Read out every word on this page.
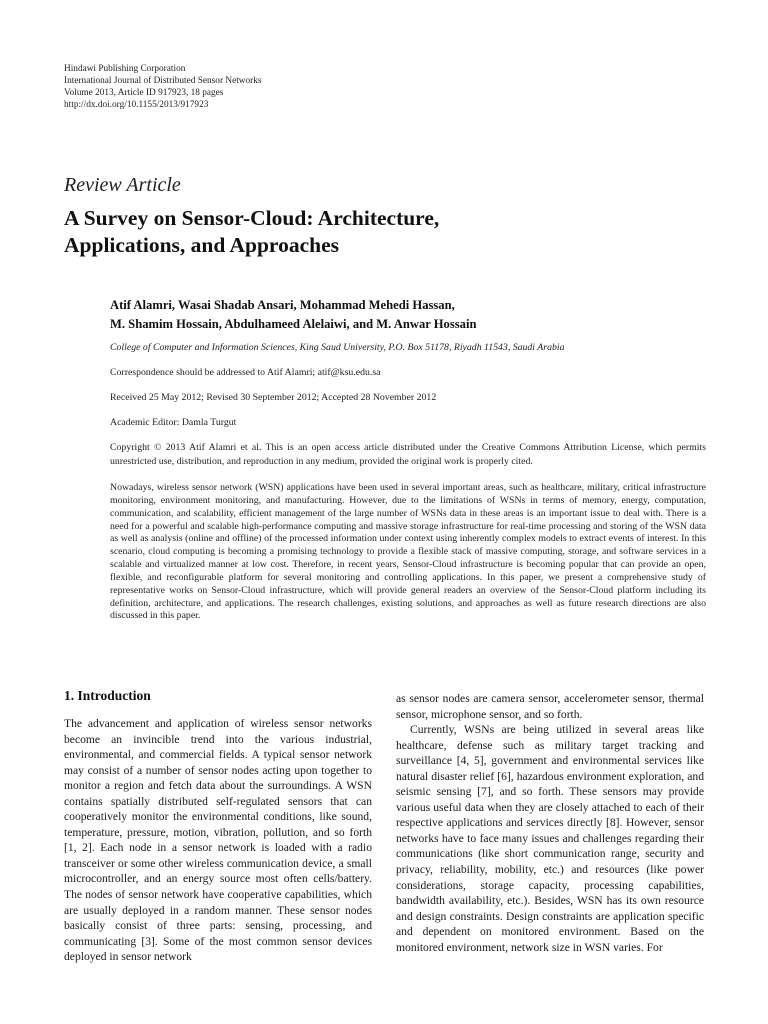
Hindawi Publishing Corporation
International Journal of Distributed Sensor Networks
Volume 2013, Article ID 917923, 18 pages
http://dx.doi.org/10.1155/2013/917923
Review Article
A Survey on Sensor-Cloud: Architecture,
Applications, and Approaches
Atif Alamri, Wasai Shadab Ansari, Mohammad Mehedi Hassan,
M. Shamim Hossain, Abdulhameed Alelaiwi, and M. Anwar Hossain
College of Computer and Information Sciences, King Saud University, P.O. Box 51178, Riyadh 11543, Saudi Arabia
Correspondence should be addressed to Atif Alamri; atif@ksu.edu.sa
Received 25 May 2012; Revised 30 September 2012; Accepted 28 November 2012
Academic Editor: Damla Turgut
Copyright © 2013 Atif Alamri et al. This is an open access article distributed under the Creative Commons Attribution License, which permits unrestricted use, distribution, and reproduction in any medium, provided the original work is properly cited.
Nowadays, wireless sensor network (WSN) applications have been used in several important areas, such as healthcare, military, critical infrastructure monitoring, environment monitoring, and manufacturing. However, due to the limitations of WSNs in terms of memory, energy, computation, communication, and scalability, efficient management of the large number of WSNs data in these areas is an important issue to deal with. There is a need for a powerful and scalable high-performance computing and massive storage infrastructure for real-time processing and storing of the WSN data as well as analysis (online and offline) of the processed information under context using inherently complex models to extract events of interest. In this scenario, cloud computing is becoming a promising technology to provide a flexible stack of massive computing, storage, and software services in a scalable and virtualized manner at low cost. Therefore, in recent years, Sensor-Cloud infrastructure is becoming popular that can provide an open, flexible, and reconfigurable platform for several monitoring and controlling applications. In this paper, we present a comprehensive study of representative works on Sensor-Cloud infrastructure, which will provide general readers an overview of the Sensor-Cloud platform including its definition, architecture, and applications. The research challenges, existing solutions, and approaches as well as future research directions are also discussed in this paper.
1. Introduction

The advancement and application of wireless sensor networks become an invincible trend into the various industrial, environmental, and commercial fields. A typical sensor network may consist of a number of sensor nodes acting upon together to monitor a region and fetch data about the surroundings. A WSN contains spatially distributed self-regulated sensors that can cooperatively monitor the environmental conditions, like sound, temperature, pressure, motion, vibration, pollution, and so forth [1, 2]. Each node in a sensor network is loaded with a radio transceiver or some other wireless communication device, a small microcontroller, and an energy source most often cells/battery. The nodes of sensor network have cooperative capabilities, which are usually deployed in a random manner. These sensor nodes basically consist of three parts: sensing, processing, and communicating [3]. Some of the most common sensor devices deployed in sensor network

as sensor nodes are camera sensor, accelerometer sensor, thermal sensor, microphone sensor, and so forth.

Currently, WSNs are being utilized in several areas like healthcare, defense such as military target tracking and surveillance [4, 5], government and environmental services like natural disaster relief [6], hazardous environment exploration, and seismic sensing [7], and so forth. These sensors may provide various useful data when they are closely attached to each of their respective applications and services directly [8]. However, sensor networks have to face many issues and challenges regarding their communications (like short communication range, security and privacy, reliability, mobility, etc.) and resources (like power considerations, storage capacity, processing capabilities, bandwidth availability, etc.). Besides, WSN has its own resource and design constraints. Design constraints are application specific and dependent on monitored environment. Based on the monitored environment, network size in WSN varies. For
